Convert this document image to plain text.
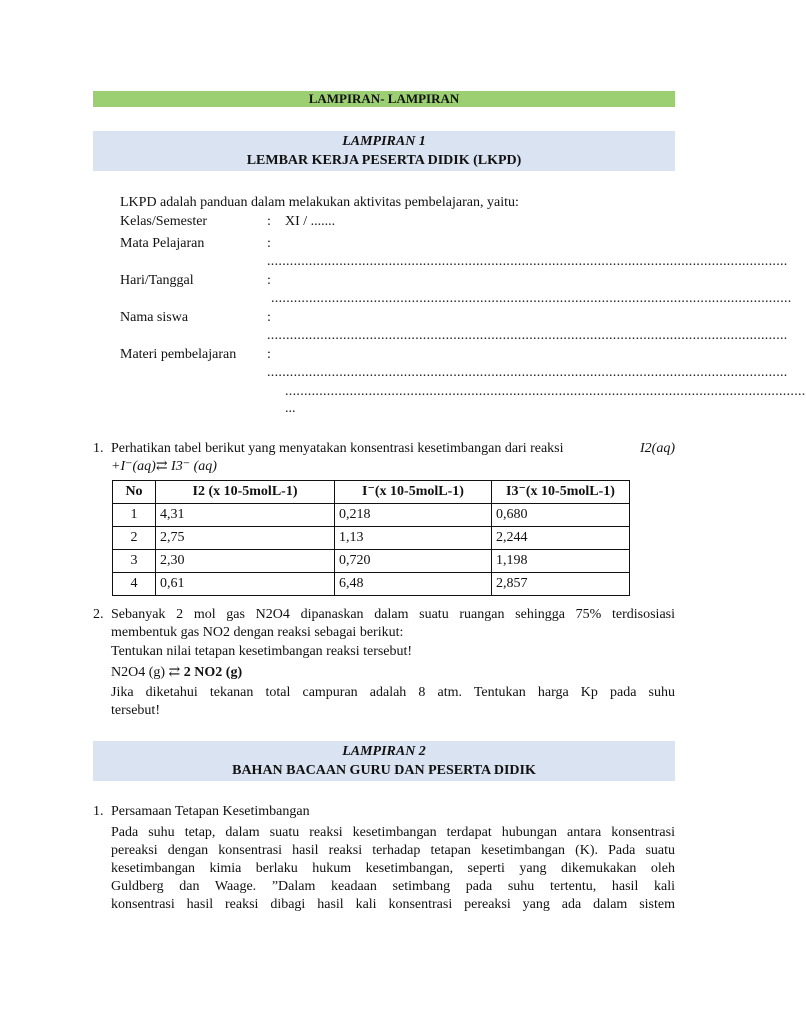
LAMPIRAN- LAMPIRAN
LAMPIRAN 1
LEMBAR KERJA PESERTA DIDIK (LKPD)
LKPD adalah panduan dalam melakukan aktivitas pembelajaran, yaitu:
Kelas/Semester	: XI / .......
Mata Pelajaran	:
.........................................................................................................................................
Hari/Tanggal	:
.........................................................................................................................................
Nama siswa	:
.........................................................................................................................................
Materi pembelajaran :
.........................................................................................................................................
.........................................................................................................................................
...
1. Perhatikan tabel berikut yang menyatakan konsentrasi kesetimbangan dari reaksi	I2(aq)
+I⁻(aq)⇄ I3⁻ (aq)
No	I2 (x 10-5molL-1)	I⁻(x 10-5molL-1)	I3⁻(x 10-5molL-1)
1	4,31	0,218	0,680
2	2,75	1,13	2,244
3	2,30	0,720	1,198
4	0,61	6,48	2,857
2. Sebanyak 2 mol gas N2O4 dipanaskan dalam suatu ruangan sehingga 75% terdisosiasi
membentuk gas NO2 dengan reaksi sebagai berikut:
Tentukan nilai tetapan kesetimbangan reaksi tersebut!
N2O4 (g) ⇄ 2 NO2 (g)
Jika diketahui tekanan total campuran adalah 8 atm. Tentukan harga Kp pada suhu
tersebut!
LAMPIRAN 2
BAHAN BACAAN GURU DAN PESERTA DIDIK
1. Persamaan Tetapan Kesetimbangan
Pada suhu tetap, dalam suatu reaksi kesetimbangan terdapat hubungan antara konsentrasi
pereaksi dengan konsentrasi hasil reaksi terhadap tetapan kesetimbangan (K). Pada suatu
kesetimbangan kimia berlaku hukum kesetimbangan, seperti yang dikemukakan oleh
Guldberg dan Waage. ”Dalam keadaan setimbang pada suhu tertentu, hasil kali
konsentrasi hasil reaksi dibagi hasil kali konsentrasi pereaksi yang ada dalam sistem
